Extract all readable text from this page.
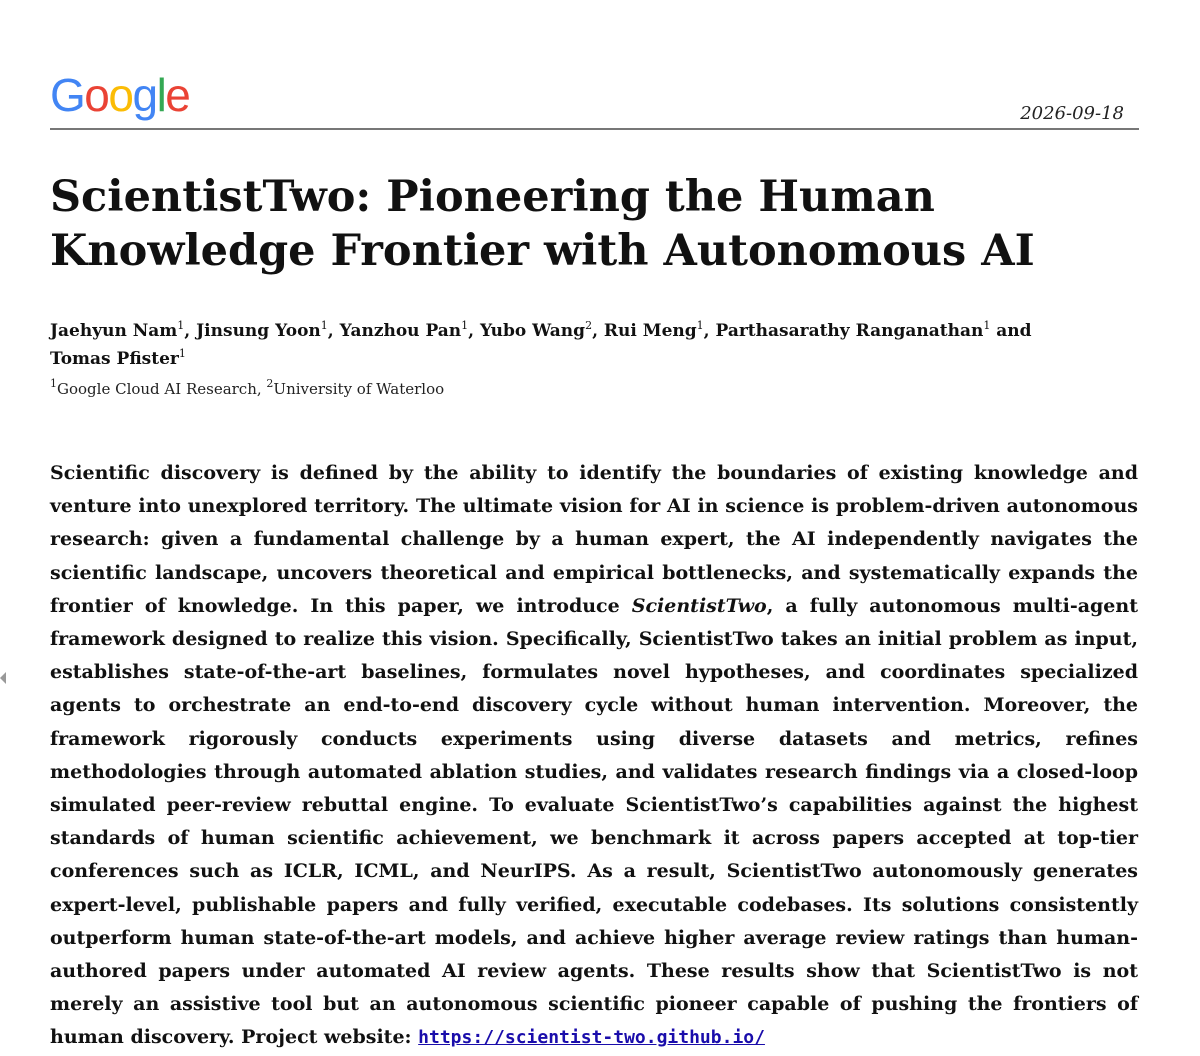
Google	2026-09-18
ScientistTwo: Pioneering the Human Knowledge Frontier with Autonomous AI
Jaehyun Nam$^1$, Jinsung Yoon$^1$, Yanzhou Pan$^1$, Yubo Wang$^2$, Rui Meng$^1$, Parthasarathy Ranganathan$^1$ and
Tomas Pfister$^1$
$^1$Google Cloud AI Research, $^2$University of Waterloo

Scientific discovery is defined by the ability to identify the boundaries of existing knowledge and venture into unexplored territory. The ultimate vision for AI in science is problem-driven autonomous research: given a fundamental challenge by a human expert, the AI independently navigates the scientific landscape, uncovers theoretical and empirical bottlenecks, and systematically expands the frontier of knowledge. In this paper, we introduce ScientistTwo, a fully autonomous multi-agent framework designed to realize this vision. Specifically, ScientistTwo takes an initial problem as input, establishes state-of-the-art baselines, formulates novel hypotheses, and coordinates specialized agents to orchestrate an end-to-end discovery cycle without human intervention. Moreover, the framework rigorously conducts experiments using diverse datasets and metrics, refines methodologies through automated ablation studies, and validates research findings via a closed-loop simulated peer-review rebuttal engine. To evaluate ScientistTwo’s capabilities against the highest standards of human scientific achievement, we benchmark it across papers accepted at top-tier conferences such as ICLR, ICML, and NeurIPS. As a result, ScientistTwo autonomously generates expert-level, publishable papers and fully verified, executable codebases. Its solutions consistently outperform human state-of-the-art models, and achieve higher average review ratings than human-authored papers under automated AI review agents. These results show that ScientistTwo is not merely an assistive tool but an autonomous scientific pioneer capable of pushing the frontiers of human discovery. Project website: https://scientist-two.github.io/
